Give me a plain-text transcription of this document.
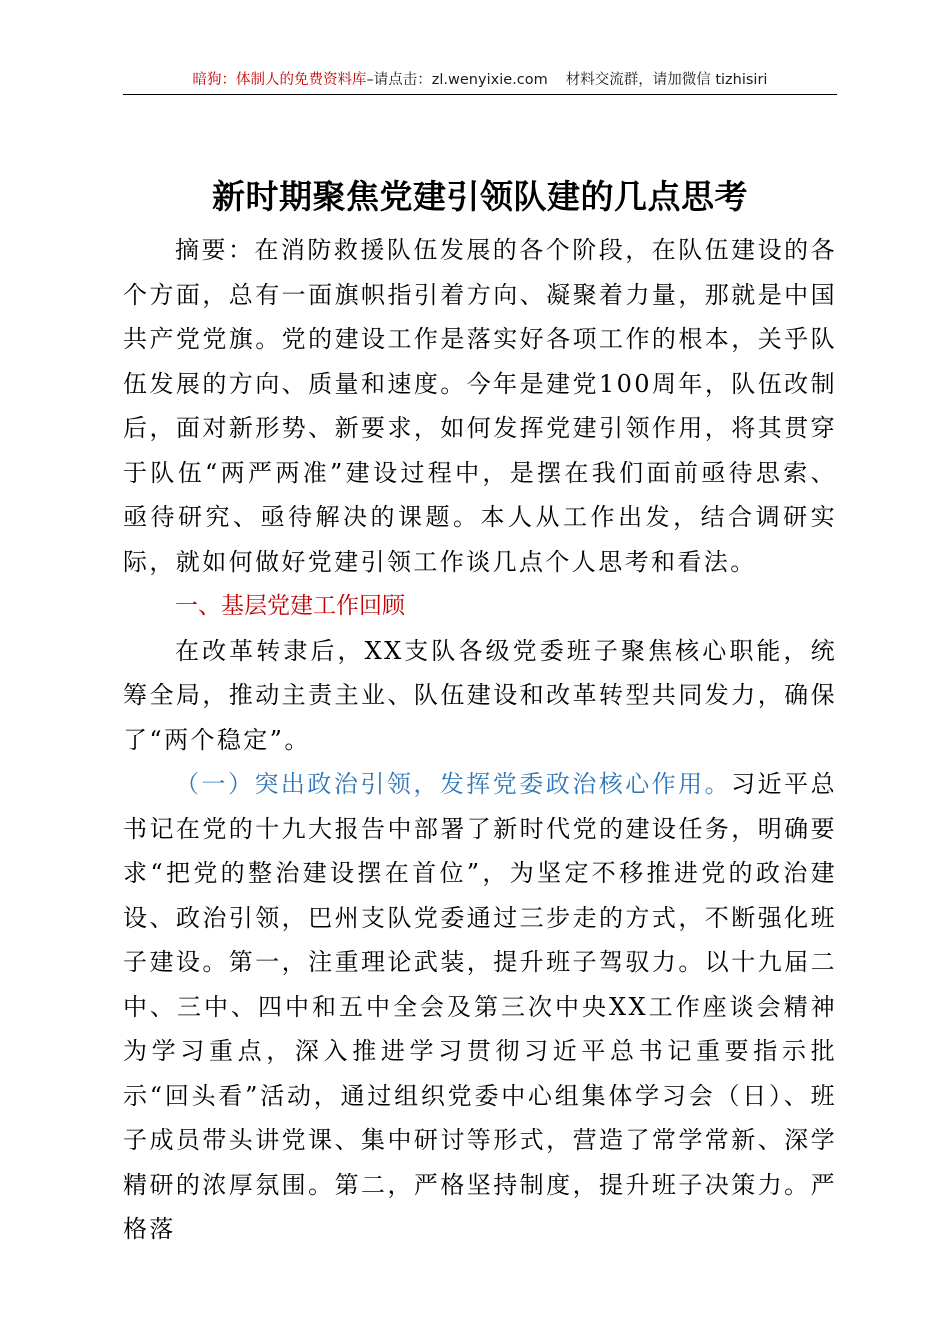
暗狗：体制人的免费资料库–请点击：zl.wenyixie.com 材料交流群，请加微信 tizhisiri
新时期聚焦党建引领队建的几点思考

摘要：在消防救援队伍发展的各个阶段，在队伍建设的各个方面，总有一面旗帜指引着方向、凝聚着力量，那就是中国共产党党旗。党的建设工作是落实好各项工作的根本，关乎队伍发展的方向、质量和速度。今年是建党100周年，队伍改制后，面对新形势、新要求，如何发挥党建引领作用，将其贯穿于队伍“两严两准”建设过程中，是摆在我们面前亟待思索、亟待研究、亟待解决的课题。本人从工作出发，结合调研实际，就如何做好党建引领工作谈几点个人思考和看法。

一、基层党建工作回顾

在改革转隶后，XX支队各级党委班子聚焦核心职能，统筹全局，推动主责主业、队伍建设和改革转型共同发力，确保了“两个稳定”。

（一）突出政治引领，发挥党委政治核心作用。习近平总书记在党的十九大报告中部署了新时代党的建设任务，明确要求“把党的整治建设摆在首位”，为坚定不移推进党的政治建设、政治引领，巴州支队党委通过三步走的方式，不断强化班子建设。第一，注重理论武装，提升班子驾驭力。以十九届二中、三中、四中和五中全会及第三次中央XX工作座谈会精神为学习重点，深入推进学习贯彻习近平总书记重要指示批示“回头看”活动，通过组织党委中心组集体学习会（日）、班子成员带头讲党课、集中研讨等形式，营造了常学常新、深学精研的浓厚氛围。第二，严格坚持制度，提升班子决策力。严格落
